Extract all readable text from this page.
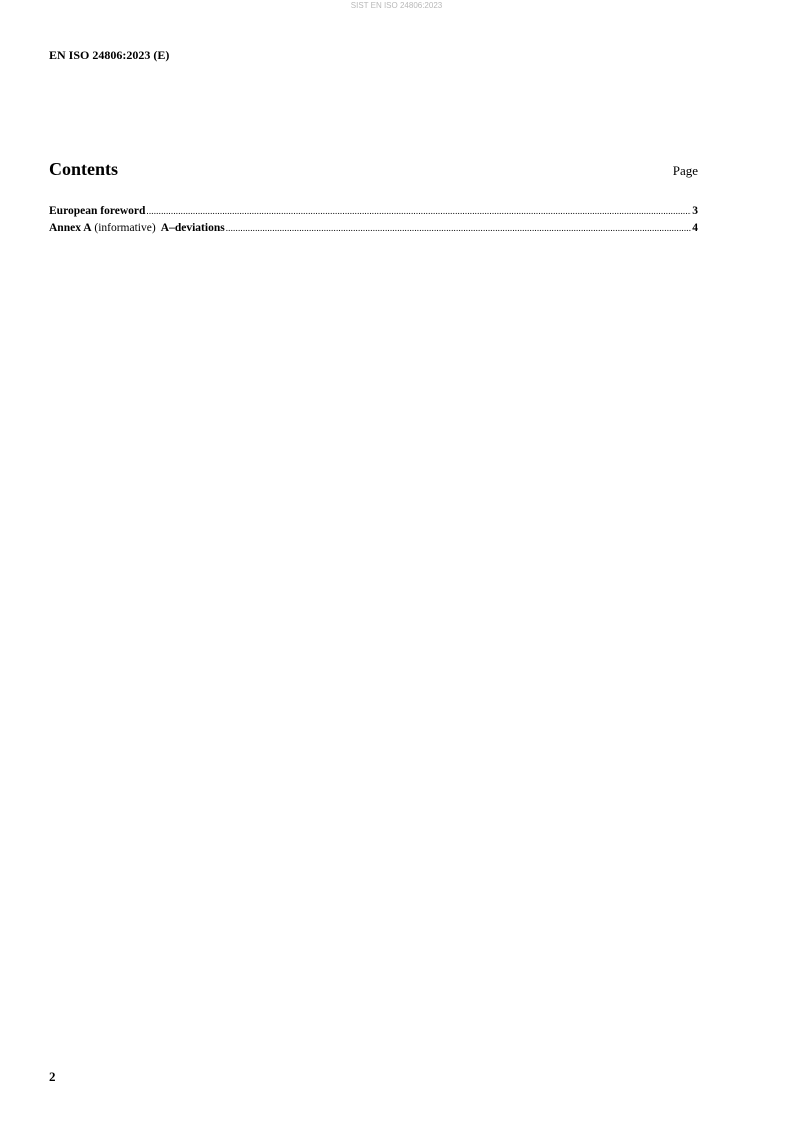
SIST EN ISO 24806:2023
EN ISO 24806:2023 (E)
Contents	Page
European foreword .....	3
Annex A (informative) A–deviations .....	4
2
